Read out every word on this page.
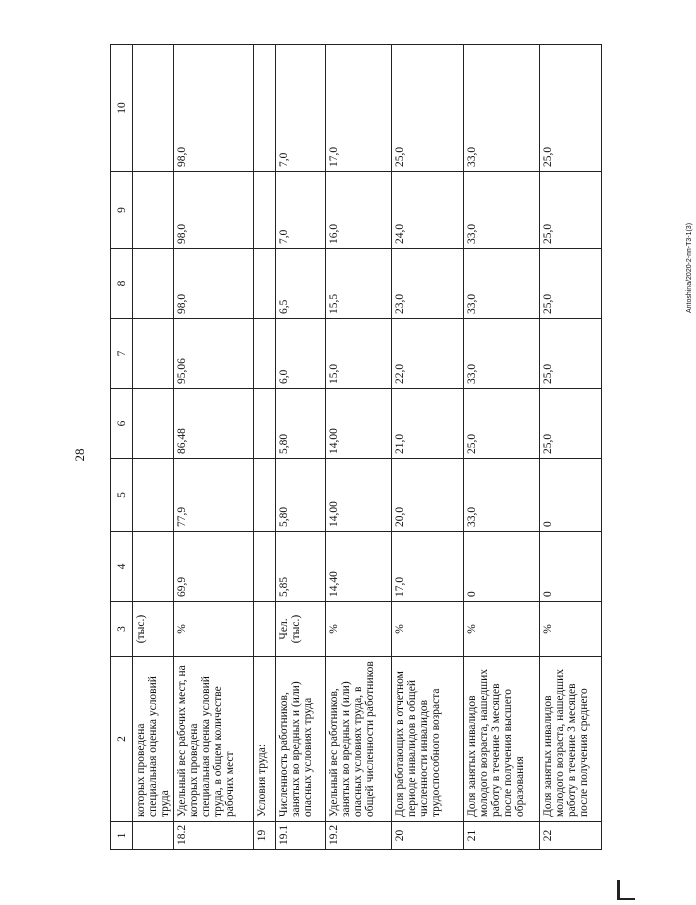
28
1	2	3	4	5	6	7	8	9	10
	которых проведена специальная оценка условий труда	(тыс.)							
18.2	Удельный вес рабочих мест, на которых проведена специальная оценка условий труда, в общем количестве рабочих мест	%	69,9	77,9	86,48	95,06	98,0	98,0	98,0
19	Условия труда:								
19.1	Численность работников, занятых во вредных и (или) опасных условиях труда	Чел. (тыс.)	5,85	5,80	5,80	6,0	6,5	7,0	7,0
19.2	Удельный вес работников, занятых во вредных и (или) опасных условиях труда, в общей численности работников	%	14,40	14,00	14,00	15,0	15,5	16,0	17,0
20	Доля работающих в отчетном периоде инвалидов в общей численности инвалидов трудоспособного возраста	%	17,0	20,0	21,0	22,0	23,0	24,0	25,0
21	Доля занятых инвалидов молодого возраста, нашедших работу в течение 3 месяцев после получения высшего образования	%	0	33,0	25,0	33,0	33,0	33,0	33,0
22	Доля занятых инвалидов молодого возраста, нашедших работу в течение 3 месяцев после получения среднего	%	0	0	25,0	25,0	25,0	25,0	25,0
Antoshina/2020-2-пп-Т3-1(3)
